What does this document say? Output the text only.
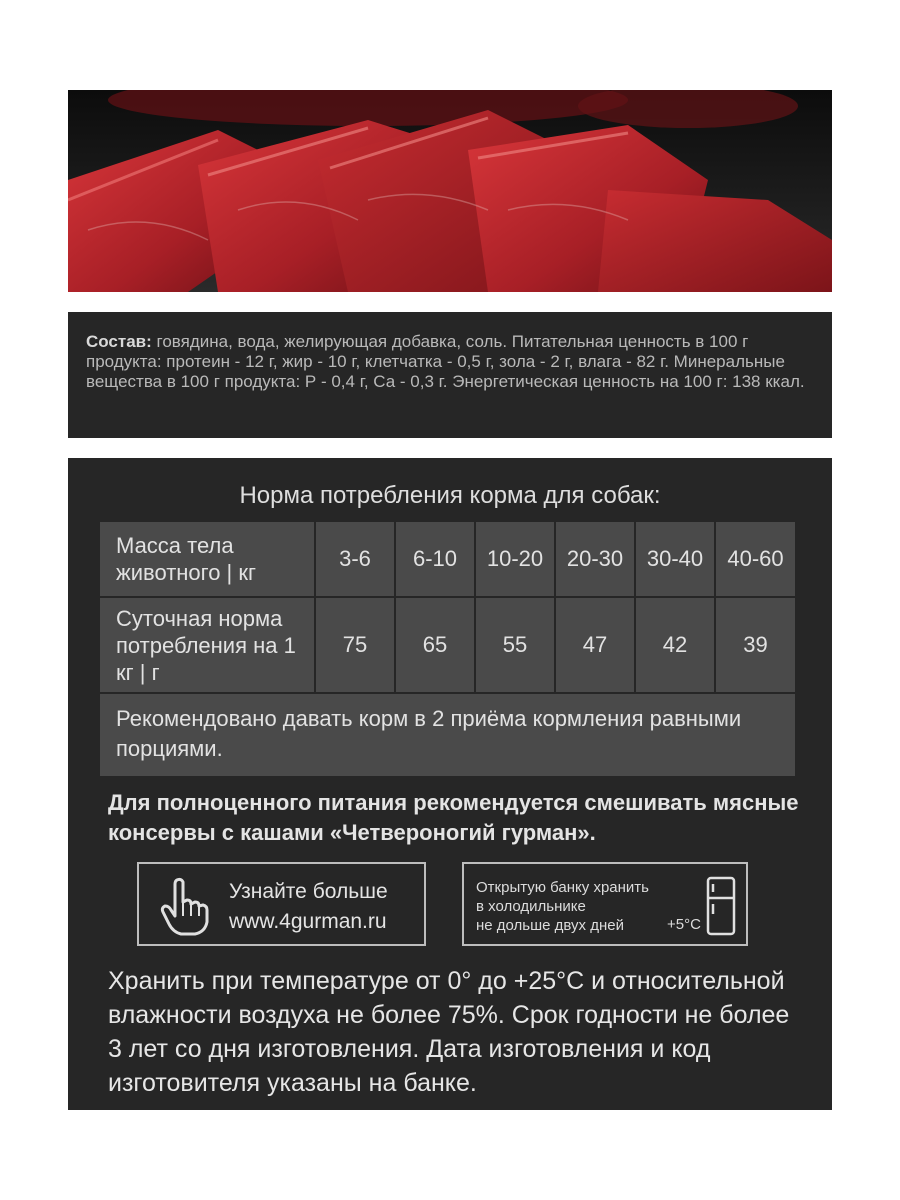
Состав: говядина, вода, желирующая добавка, соль. Питательная ценность в 100 г продукта: протеин - 12 г, жир - 10 г, клетчатка - 0,5 г, зола - 2 г, влага - 82 г. Минеральные вещества в 100 г продукта: Р - 0,4 г, Са - 0,3 г. Энергетическая ценность на 100 г: 138 ккал.
Норма потребления корма для собак:
Масса тела животного | кг	3-6	6-10	10-20	20-30	30-40	40-60
Суточная норма потребления на 1 кг | г	75	65	55	47	42	39
Рекомендовано давать корм в 2 приёма кормления равными порциями.						
Для полноценного питания рекомендуется смешивать мясные консервы с кашами «Четвероногий гурман».
Узнайте больше
www.4gurman.ru
Открытую банку хранить
в холодильнике
не дольше двух дней	+5°C
Хранить при температуре от 0° до +25°С и относительной влажности воздуха не более 75%. Срок годности не более 3 лет со дня изготовления. Дата изготовления и код изготовителя указаны на банке.
